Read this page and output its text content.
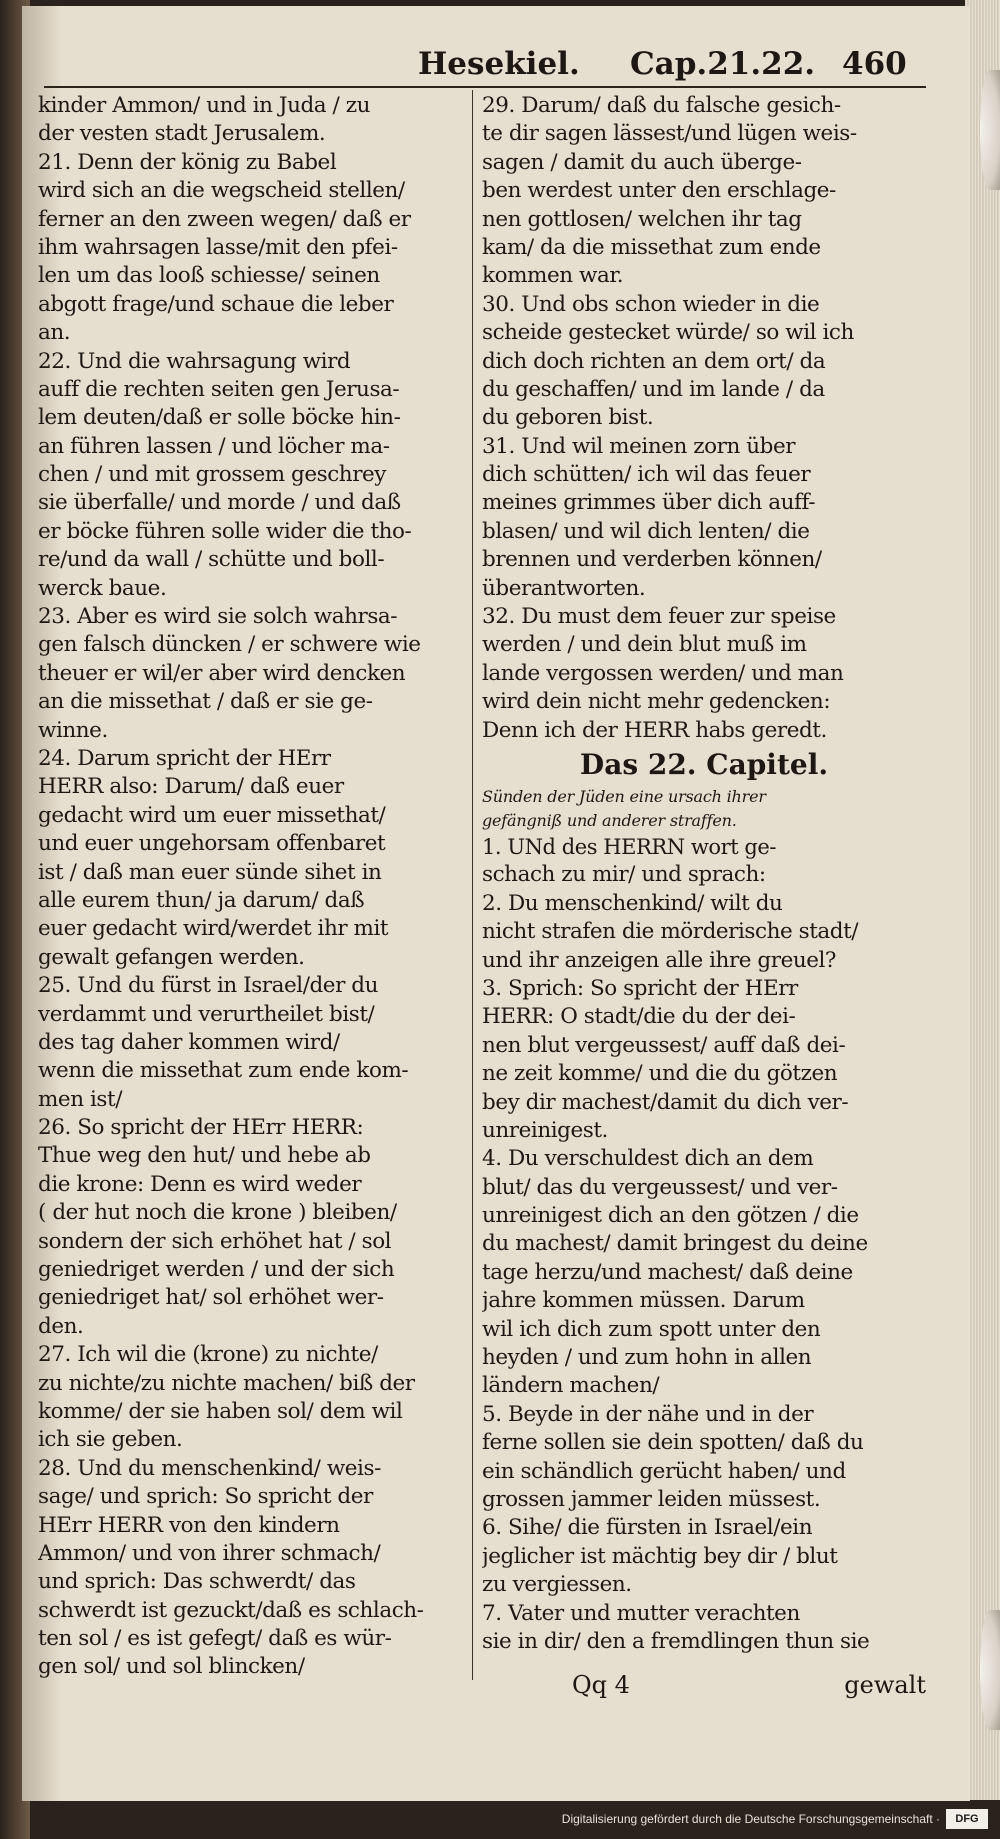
Hesekiel. Cap.21.22. 460
kinder Ammon/ und in Juda / zu
der vesten stadt Jerusalem.
21. Denn der könig zu Babel
wird sich an die wegscheid stellen/
ferner an den zween wegen/ daß er
ihm wahrsagen lasse/mit den pfei-
len um das looß schiesse/ seinen
abgott frage/und schaue die leber
an.
22. Und die wahrsagung wird
auff die rechten seiten gen Jerusa-
lem deuten/daß er solle böcke hin-
an führen lassen / und löcher ma-
chen / und mit grossem geschrey
sie überfalle/ und morde / und daß
er böcke führen solle wider die tho-
re/und da wall / schütte und boll-
werck baue.
23. Aber es wird sie solch wahrsa-
gen falsch düncken / er schwere wie
theuer er wil/er aber wird dencken
an die missethat / daß er sie ge-
winne.
24. Darum spricht der HErr
HERR also: Darum/ daß euer
gedacht wird um euer missethat/
und euer ungehorsam offenbaret
ist / daß man euer sünde sihet in
alle eurem thun/ ja darum/ daß
euer gedacht wird/werdet ihr mit
gewalt gefangen werden.
25. Und du fürst in Israel/der du
verdammt und verurtheilet bist/
des tag daher kommen wird/
wenn die missethat zum ende kom-
men ist/
26. So spricht der HErr HERR:
Thue weg den hut/ und hebe ab
die krone: Denn es wird weder
( der hut noch die krone ) bleiben/
sondern der sich erhöhet hat / sol
geniedriget werden / und der sich
geniedriget hat/ sol erhöhet wer-
den.
27. Ich wil die (krone) zu nichte/
zu nichte/zu nichte machen/ biß der
komme/ der sie haben sol/ dem wil
ich sie geben.
28. Und du menschenkind/ weis-
sage/ und sprich: So spricht der
HErr HERR von den kindern
Ammon/ und von ihrer schmach/
und sprich: Das schwerdt/ das
schwerdt ist gezuckt/daß es schlach-
ten sol / es ist gefegt/ daß es wür-
gen sol/ und sol blincken/
29. Darum/ daß du falsche gesich-
te dir sagen lässest/und lügen weis-
sagen / damit du auch überge-
ben werdest unter den erschlage-
nen gottlosen/ welchen ihr tag
kam/ da die missethat zum ende
kommen war.
30. Und obs schon wieder in die
scheide gestecket würde/ so wil ich
dich doch richten an dem ort/ da
du geschaffen/ und im lande / da
du geboren bist.
31. Und wil meinen zorn über
dich schütten/ ich wil das feuer
meines grimmes über dich auff-
blasen/ und wil dich lenten/ die
brennen und verderben können/
überantworten.
32. Du must dem feuer zur speise
werden / und dein blut muß im
lande vergossen werden/ und man
wird dein nicht mehr gedencken:
Denn ich der HERR habs geredt.
Das 22. Capitel.
Sünden der Jüden eine ursach ihrer
gefängniß und anderer straffen.
1. UNd des HERRN wort ge-
schach zu mir/ und sprach:
2. Du menschenkind/ wilt du
nicht strafen die mörderische stadt/
und ihr anzeigen alle ihre greuel?
3. Sprich: So spricht der HErr
HERR: O stadt/die du der dei-
nen blut vergeussest/ auff daß dei-
ne zeit komme/ und die du götzen
bey dir machest/damit du dich ver-
unreinigest.
4. Du verschuldest dich an dem
blut/ das du vergeussest/ und ver-
unreinigest dich an den götzen / die
du machest/ damit bringest du deine
tage herzu/und machest/ daß deine
jahre kommen müssen. Darum
wil ich dich zum spott unter den
heyden / und zum hohn in allen
ländern machen/
5. Beyde in der nähe und in der
ferne sollen sie dein spotten/ daß du
ein schändlich gerücht haben/ und
grossen jammer leiden müssest.
6. Sihe/ die fürsten in Israel/ein
jeglicher ist mächtig bey dir / blut
zu vergiessen.
7. Vater und mutter verachten
sie in dir/ den a fremdlingen thun sie
Qq 4	gewalt
Digitalisierung gefördert durch die Deutsche Forschungsgemeinschaft ·	DFG
